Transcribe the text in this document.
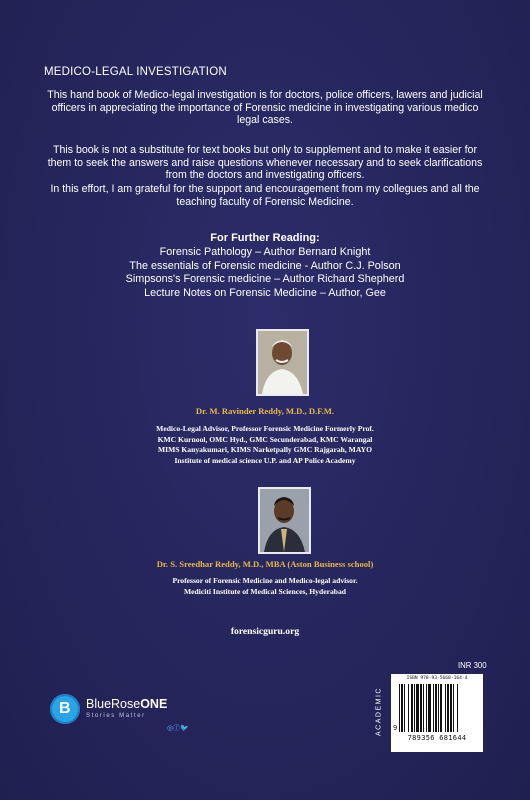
MEDICO-LEGAL INVESTIGATION
This hand book of Medico-legal investigation is for doctors, police officers, lawers and judicial officers in appreciating the importance of Forensic medicine in investigating various medico legal cases.
This book is not a substitute for text books but only to supplement and to make it easier for them to seek the answers and raise questions whenever necessary and to seek clarifications from the doctors and investigating officers.
In this effort, I am grateful for the support and encouragement from my collegues and all the teaching faculty of Forensic Medicine.
For Further Reading:
Forensic Pathology – Author Bernard Knight
The essentials of Forensic medicine - Author C.J. Polson
Simpsons's Forensic medicine – Author Richard Shepherd
Lecture Notes on Forensic Medicine – Author, Gee
Dr. M. Ravinder Reddy, M.D., D.F.M.
Medico-Legal Advisor, Professor Forensic Medicine Formerly Prof.
KMC Kurnool, OMC Hyd., GMC Secunderabad, KMC Warangal
MIMS Kanyakumari, KIMS Narketpally GMC Rajgarah, MAYO
Institute of medical science U.P. and AP Police Academy
Dr. S. Sreedhar Reddy, M.D., MBA (Aston Business school)
Professor of Forensic Medicine and Medico-legal advisor.
Mediciti Institute of Medical Sciences, Hyderabad
forensicguru.org
B BlueRoseONE
Stories Matter
◎ⓕ🐦
INR 300
ACADEMIC
ISBN 978-93-5668-164-4
9
789356 681644
www.BlueRoseOne.com
